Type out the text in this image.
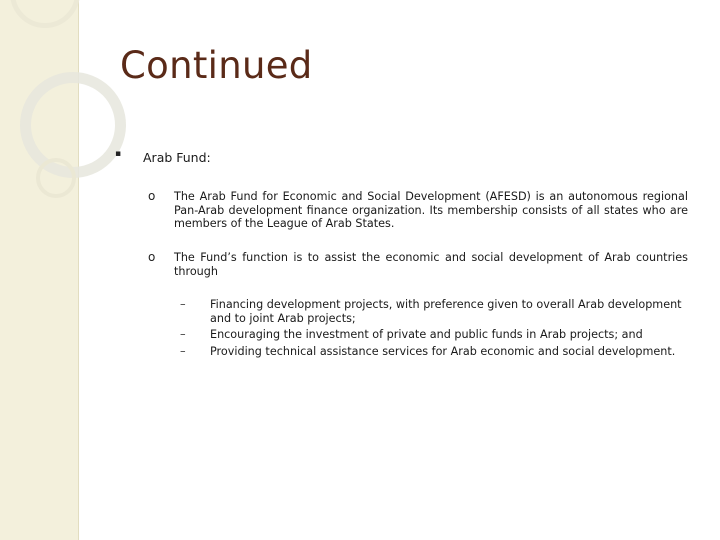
Continued
▪ Arab Fund:
o The Arab Fund for Economic and Social Development (AFESD) is an autonomous regional Pan-Arab development finance organization. Its membership consists of all states who are members of the League of Arab States.

o The Fund’s function is to assist the economic and social development of Arab countries through

– Financing development projects, with preference given to overall Arab development and to joint Arab projects;
– Encouraging the investment of private and public funds in Arab projects; and
– Providing technical assistance services for Arab economic and social development.
